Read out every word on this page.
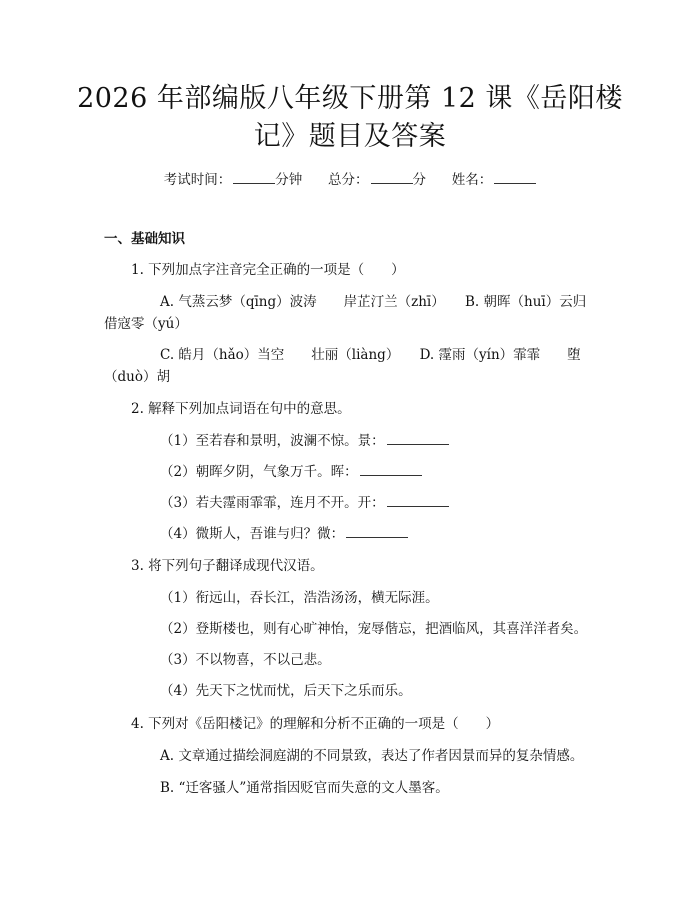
2026 年部编版八年级下册第 12 课《岳阳楼
记》题目及答案
考试时间：	分钟 总分：	分 姓名：
一、基础知识
1. 下列加点字注音完全正确的一项是（　　）
A. 气蒸云梦（qīng）波涛　　岸芷汀兰（zhī）　　B. 朝晖（huī）云归
借寇零（yú）
C. 皓月（hǎo）当空　　壮丽（liàng）　　D. 霪雨（yín）霏霏　　堕
（duò）胡
2. 解释下列加点词语在句中的意思。
（1）至若春和景明，波澜不惊。景：
（2）朝晖夕阴，气象万千。晖：
（3）若夫霪雨霏霏，连月不开。开：
（4）微斯人，吾谁与归？微：
3. 将下列句子翻译成现代汉语。
（1）衔远山，吞长江，浩浩汤汤，横无际涯。
（2）登斯楼也，则有心旷神怡，宠辱偕忘，把酒临风，其喜洋洋者矣。
（3）不以物喜，不以己悲。
（4）先天下之忧而忧，后天下之乐而乐。
4. 下列对《岳阳楼记》的理解和分析不正确的一项是（　　）
A. 文章通过描绘洞庭湖的不同景致，表达了作者因景而异的复杂情感。
B. “迁客骚人”通常指因贬官而失意的文人墨客。
